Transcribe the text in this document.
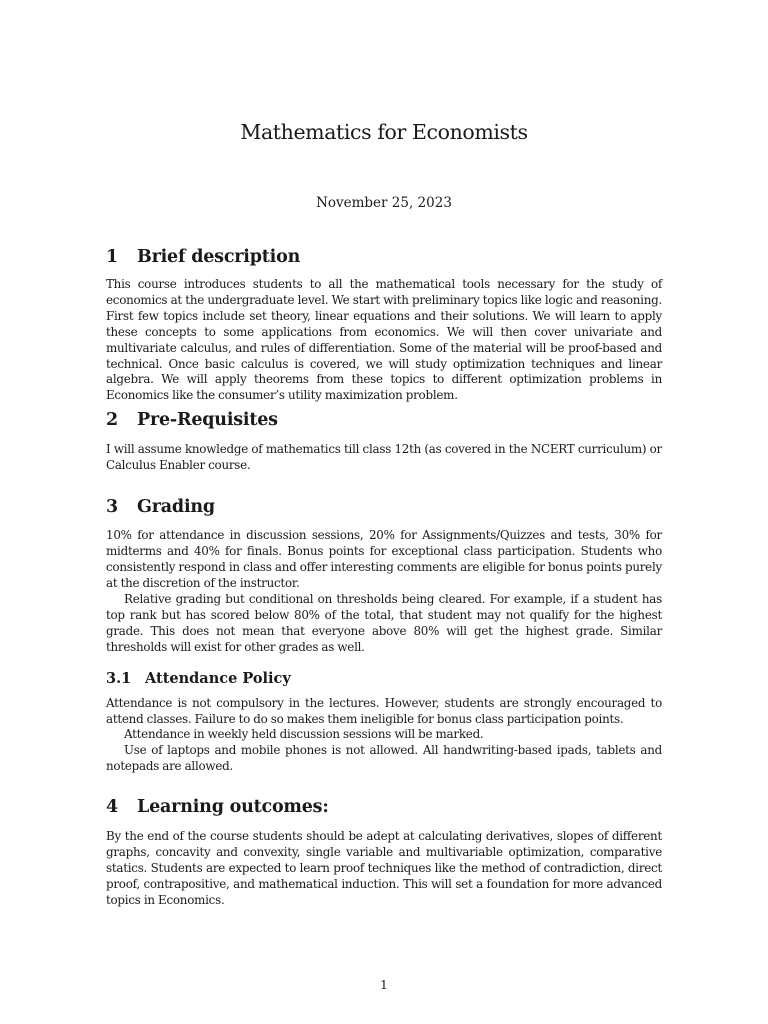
Mathematics for Economists

November 25, 2023

1 Brief description

This course introduces students to all the mathematical tools necessary for the study of economics at the undergraduate level. We start with preliminary topics like logic and reasoning. First few topics include set theory, linear equations and their solutions. We will learn to apply these concepts to some applications from economics. We will then cover univariate and multivariate calculus, and rules of differentiation. Some of the material will be proof-based and technical. Once basic calculus is covered, we will study optimization techniques and linear algebra. We will apply theorems from these topics to different optimization problems in Economics like the consumer’s utility maximization problem.

2 Pre-Requisites

I will assume knowledge of mathematics till class 12th (as covered in the NCERT curriculum) or Calculus Enabler course.

3 Grading

10% for attendance in discussion sessions, 20% for Assignments/Quizzes and tests, 30% for midterms and 40% for finals. Bonus points for exceptional class participation. Students who consistently respond in class and offer interesting comments are eligible for bonus points purely at the discretion of the instructor.

Relative grading but conditional on thresholds being cleared. For example, if a student has top rank but has scored below 80% of the total, that student may not qualify for the highest grade. This does not mean that everyone above 80% will get the highest grade. Similar thresholds will exist for other grades as well.

3.1 Attendance Policy

Attendance is not compulsory in the lectures. However, students are strongly encouraged to attend classes. Failure to do so makes them ineligible for bonus class participation points.

Attendance in weekly held discussion sessions will be marked.

Use of laptops and mobile phones is not allowed. All handwriting-based ipads, tablets and notepads are allowed.

4 Learning outcomes:

By the end of the course students should be adept at calculating derivatives, slopes of different graphs, concavity and convexity, single variable and multivariable optimization, comparative statics. Students are expected to learn proof techniques like the method of contradiction, direct proof, contrapositive, and mathematical induction. This will set a foundation for more advanced topics in Economics.

1
